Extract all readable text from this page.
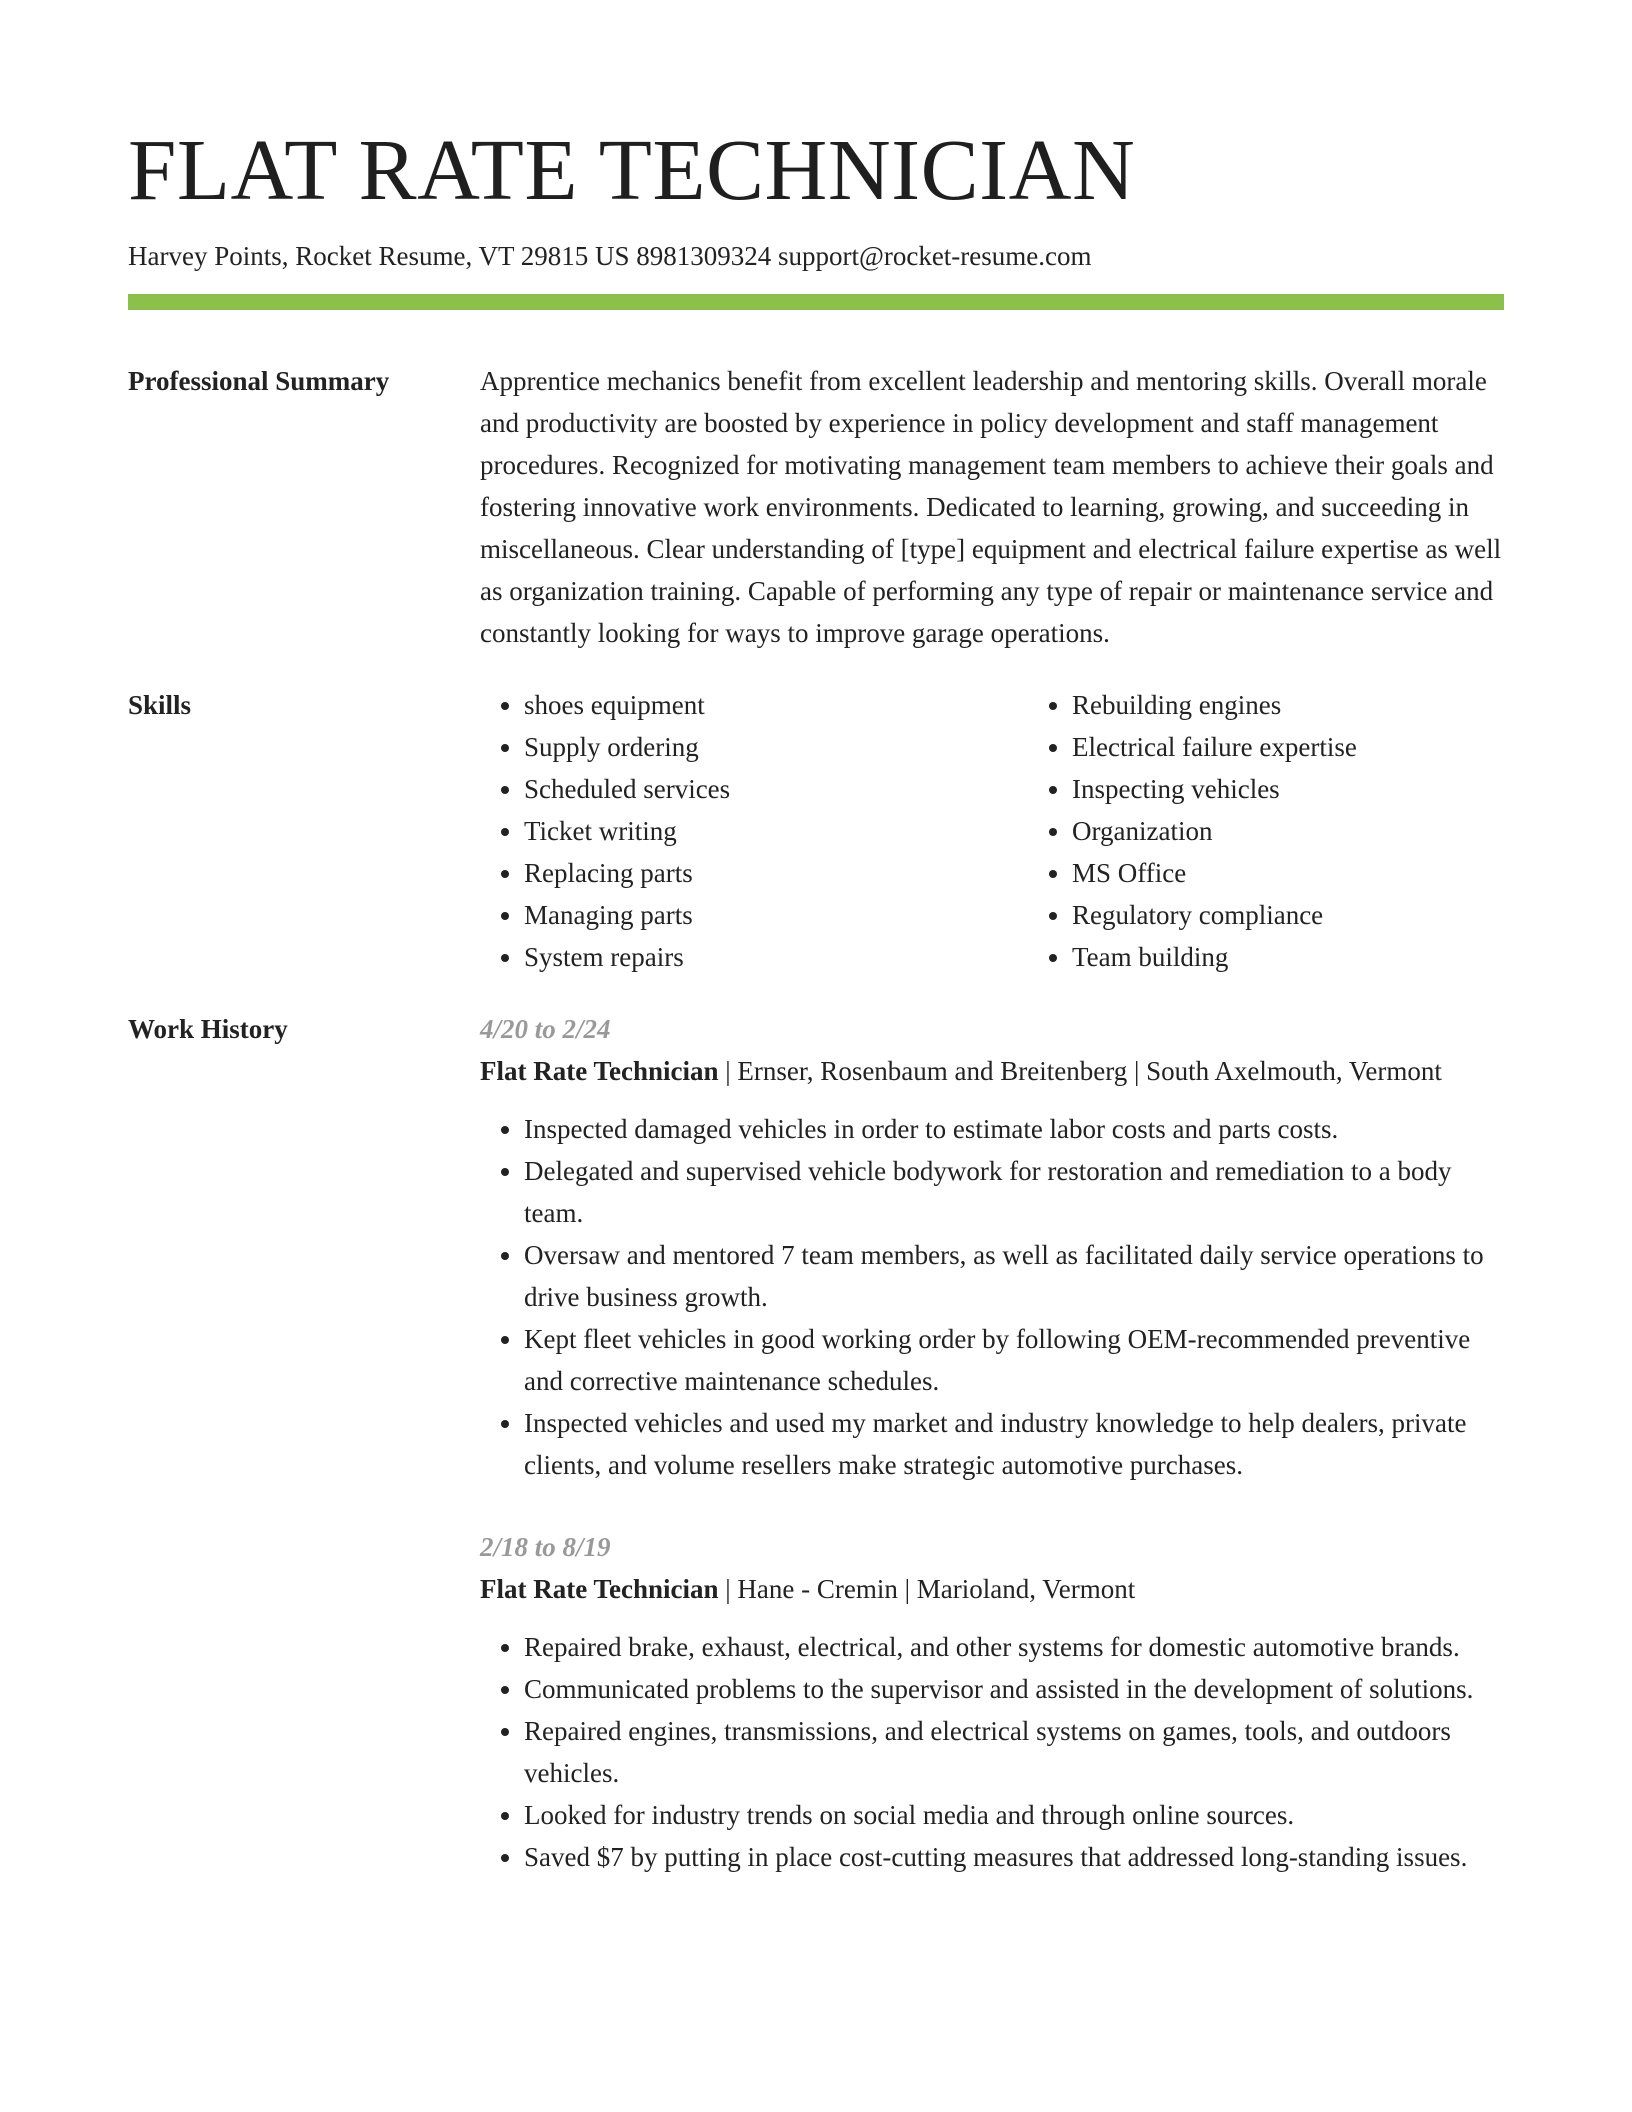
FLAT RATE TECHNICIAN
Harvey Points, Rocket Resume, VT 29815 US 8981309324 support@rocket-resume.com
Professional Summary	Apprentice mechanics benefit from excellent leadership and mentoring skills. Overall morale and productivity are boosted by experience in policy development and staff management procedures. Recognized for motivating management team members to achieve their goals and fostering innovative work environments. Dedicated to learning, growing, and succeeding in miscellaneous. Clear understanding of [type] equipment and electrical failure expertise as well as organization training. Capable of performing any type of repair or maintenance service and constantly looking for ways to improve garage operations.
Skills
•	shoes equipment
• Supply ordering
• Scheduled services
• Ticket writing
• Replacing parts
• Managing parts
• System repairs
• Rebuilding engines
• Electrical failure expertise
• Inspecting vehicles
• Organization
• MS Office
• Regulatory compliance
• Team building
Work History	4/20 to 2/24
Flat Rate Technician | Ernser, Rosenbaum and Breitenberg | South Axelmouth, Vermont
• Inspected damaged vehicles in order to estimate labor costs and parts costs.
• Delegated and supervised vehicle bodywork for restoration and remediation to a body team.
• Oversaw and mentored 7 team members, as well as facilitated daily service operations to drive business growth.
• Kept fleet vehicles in good working order by following OEM-recommended preventive and corrective maintenance schedules.
• Inspected vehicles and used my market and industry knowledge to help dealers, private clients, and volume resellers make strategic automotive purchases.
2/18 to 8/19
Flat Rate Technician | Hane - Cremin | Marioland, Vermont
• Repaired brake, exhaust, electrical, and other systems for domestic automotive brands.
• Communicated problems to the supervisor and assisted in the development of solutions.
• Repaired engines, transmissions, and electrical systems on games, tools, and outdoors vehicles.
• Looked for industry trends on social media and through online sources.
• Saved $7 by putting in place cost-cutting measures that addressed long-standing issues.
